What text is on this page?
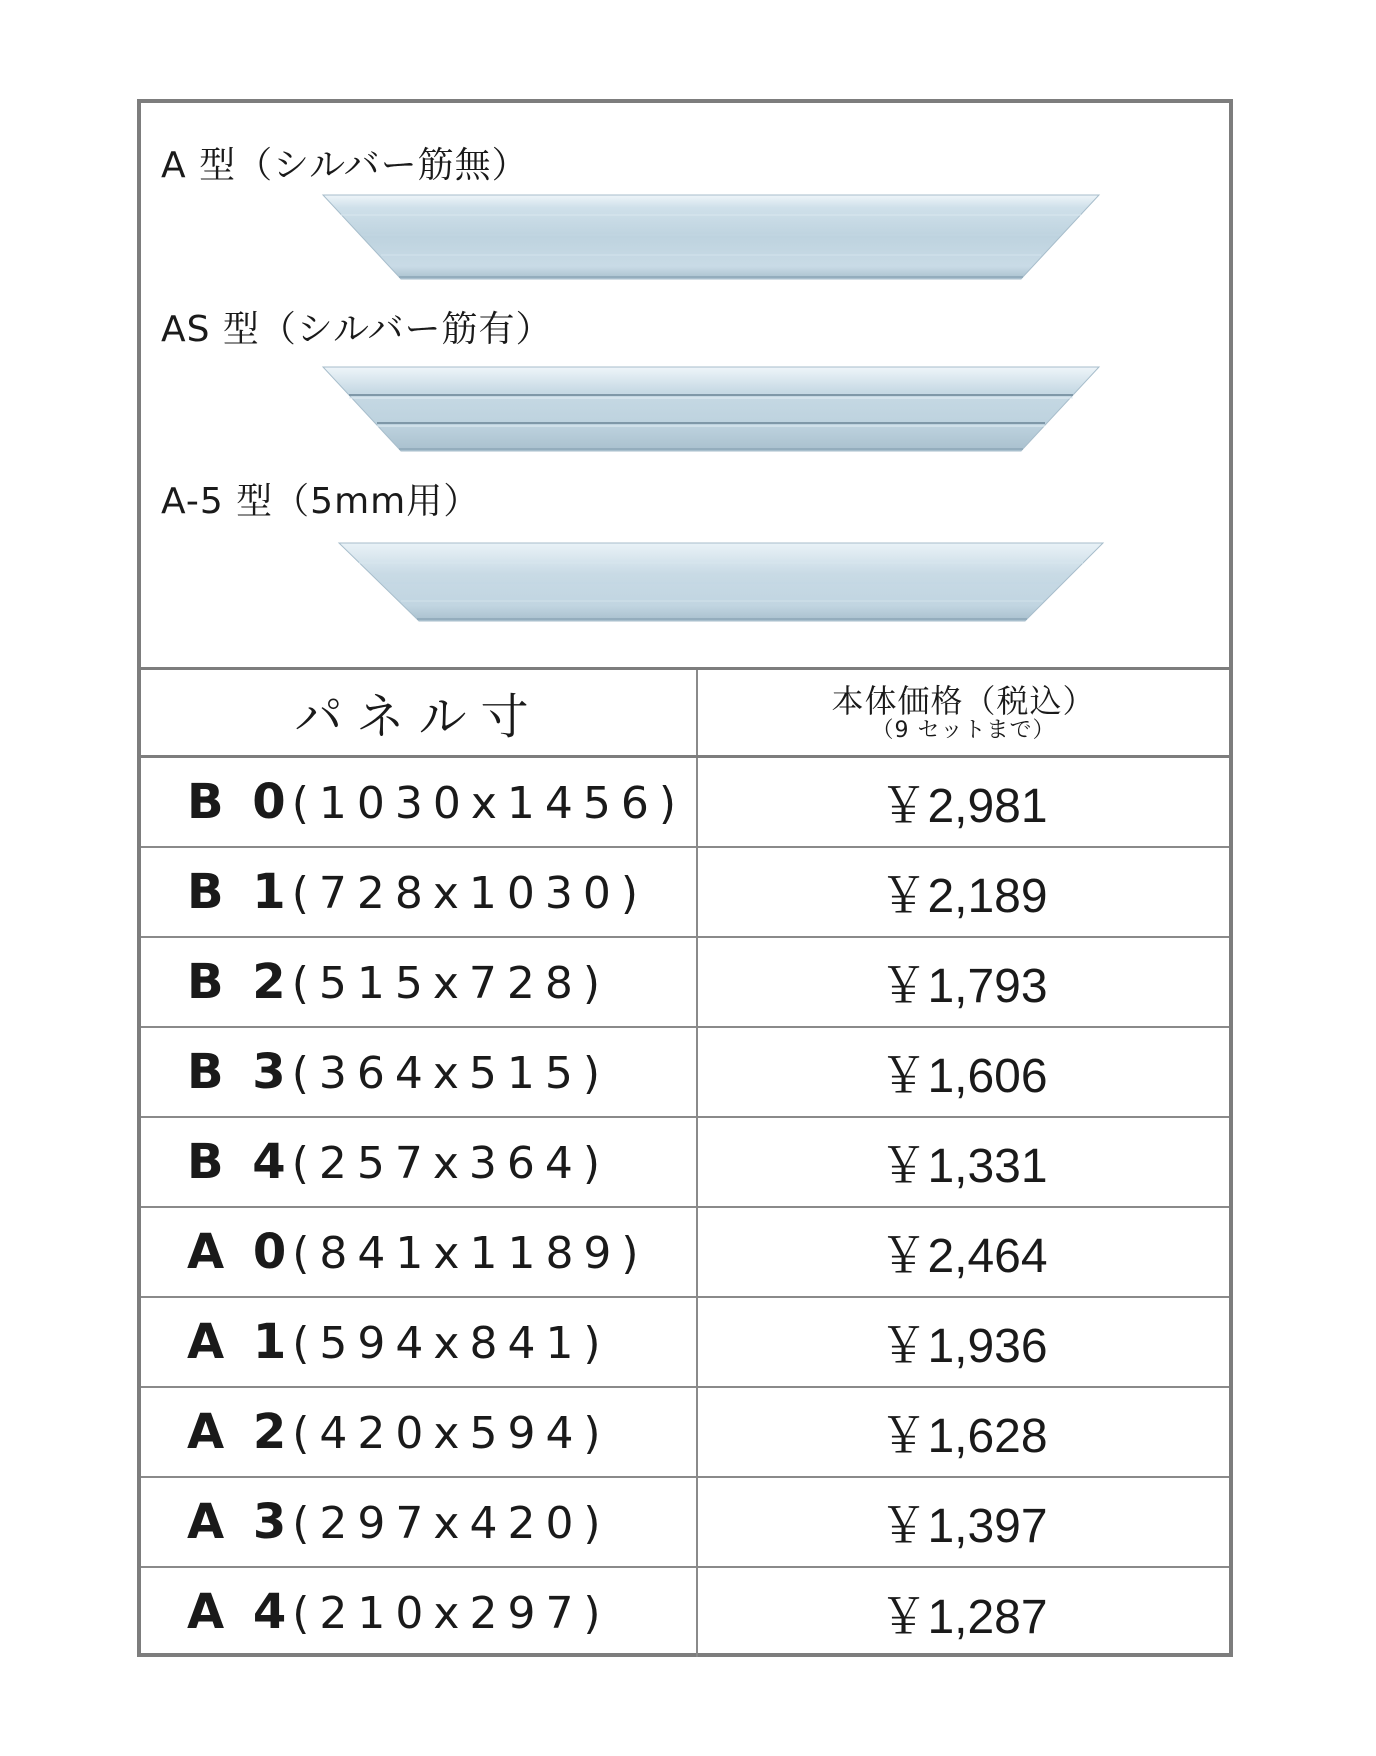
A 型（シルバー筋無）
AS 型（シルバー筋有）
A-5 型（5mm用）
パネル寸	本体価格（税込）
（9 セットまで）

B 0(1030x1456)	￥2,981
B 1(728x1030)	￥2,189
B 2(515x728)	￥1,793
B 3(364x515)	￥1,606
B 4(257x364)	￥1,331
A 0(841x1189)	￥2,464
A 1(594x841)	￥1,936
A 2(420x594)	￥1,628
A 3(297x420)	￥1,397
A 4(210x297)	￥1,287
